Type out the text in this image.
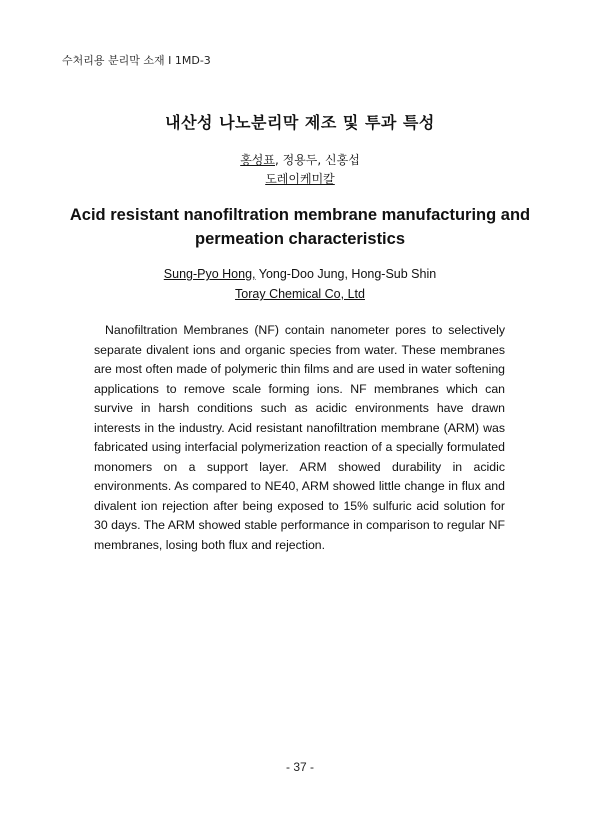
수처리용 분리막 소재 Ⅰ 1MD-3
내산성 나노분리막 제조 및 투과 특성
홍성표, 정용두, 신홍섭
도레이케미칼
Acid resistant nanofiltration membrane manufacturing and permeation characteristics
Sung-Pyo Hong, Yong-Doo Jung, Hong-Sub Shin
Toray Chemical Co, Ltd
Nanofiltration Membranes (NF) contain nanometer pores to selectively separate divalent ions and organic species from water. These membranes are most often made of polymeric thin films and are used in water softening applications to remove scale forming ions. NF membranes which can survive in harsh conditions such as acidic environments have drawn interests in the industry. Acid resistant nanofiltration membrane (ARM) was fabricated using interfacial polymerization reaction of a specially formulated monomers on a support layer. ARM showed durability in acidic environments. As compared to NE40, ARM showed little change in flux and divalent ion rejection after being exposed to 15% sulfuric acid solution for 30 days. The ARM showed stable performance in comparison to regular NF membranes, losing both flux and rejection.
- 37 -
